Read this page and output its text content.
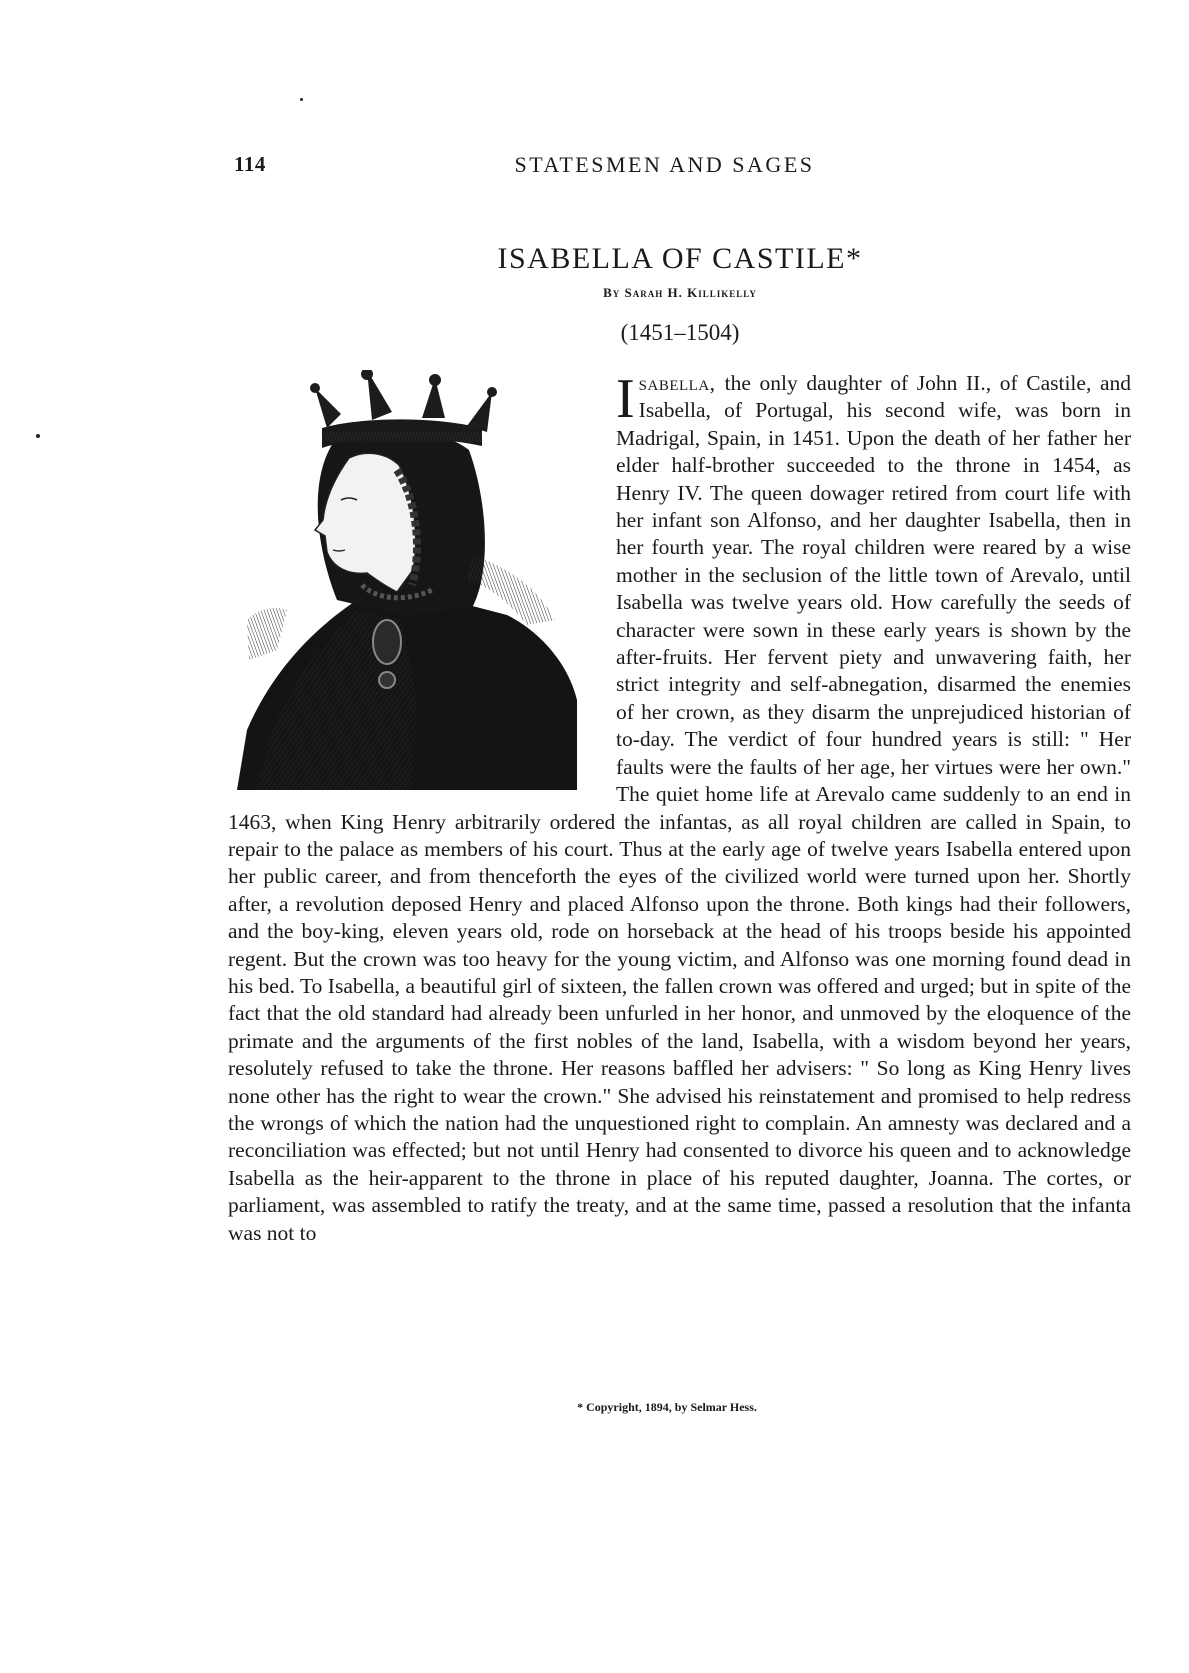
114	STATESMEN AND SAGES
ISABELLA OF CASTILE*
By Sarah H. Killikelly
(1451–1504)
I sabella, the only daughter of John II., of Castile, and Isabella, of Portugal, his second wife, was born in Madrigal, Spain, in 1451. Upon the death of her father her elder half-brother succeeded to the throne in 1454, as Henry IV. The queen dowager retired from court life with her infant son Alfonso, and her daughter Isabella, then in her fourth year. The royal children were reared by a wise mother in the seclusion of the little town of Arevalo, until Isabella was twelve years old. How carefully the seeds of character were sown in these early years is shown by the after-fruits. Her fervent piety and unwavering faith, her strict integrity and self-abnegation, disarmed the enemies of her crown, as they disarm the unprejudiced historian of to-day. The verdict of four hundred years is still: " Her faults were the faults of her age, her virtues were her own." The quiet home life at Arevalo came suddenly to an end in 1463, when King Henry arbitrarily ordered the infantas, as all royal children are called in Spain, to repair to the palace as members of his court. Thus at the early age of twelve years Isabella entered upon her public career, and from thenceforth the eyes of the civilized world were turned upon her. Shortly after, a revolution deposed Henry and placed Alfonso upon the throne. Both kings had their followers, and the boy-king, eleven years old, rode on horseback at the head of his troops beside his appointed regent. But the crown was too heavy for the young victim, and Alfonso was one morning found dead in his bed. To Isabella, a beautiful girl of sixteen, the fallen crown was offered and urged; but in spite of the fact that the old standard had already been unfurled in her honor, and unmoved by the eloquence of the primate and the arguments of the first nobles of the land, Isabella, with a wisdom beyond her years, resolutely refused to take the throne. Her reasons baffled her advisers: " So long as King Henry lives none other has the right to wear the crown." She advised his reinstatement and promised to help redress the wrongs of which the nation had the unquestioned right to complain. An amnesty was declared and a reconciliation was effected; but not until Henry had consented to divorce his queen and to acknowledge Isabella as the heir-apparent to the throne in place of his reputed daughter, Joanna. The cortes, or parliament, was assembled to ratify the treaty, and at the same time, passed a resolution that the infanta was not to
* Copyright, 1894, by Selmar Hess.
